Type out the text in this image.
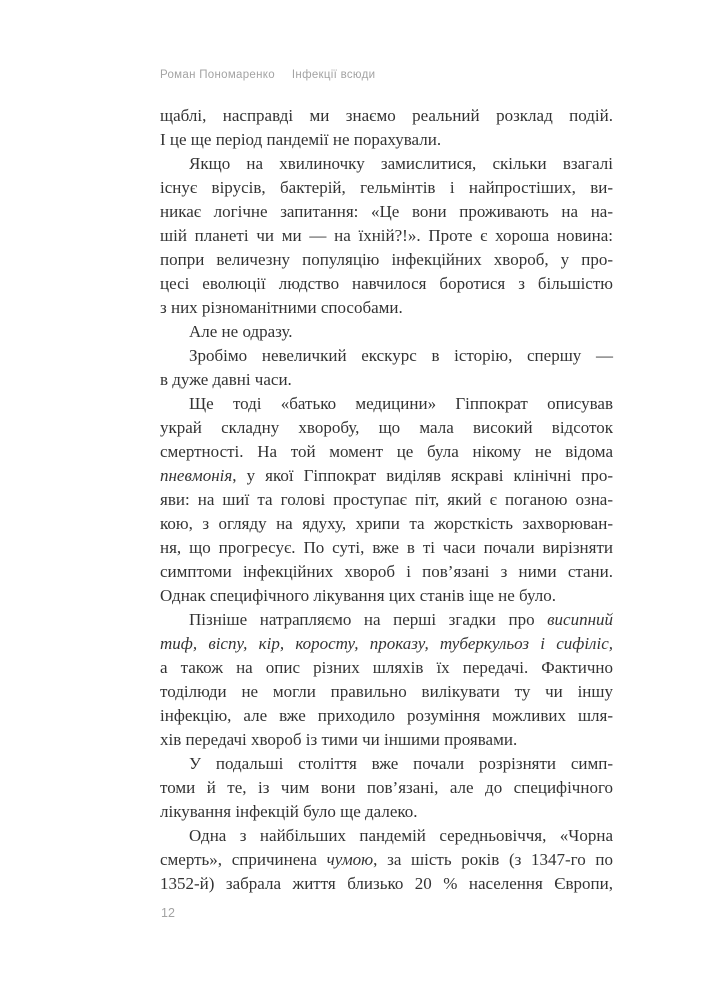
Роман Пономаренко Інфекції всюди
щаблі, насправді ми знаємо реальний розклад подій.
І це ще період пандемії не порахували.
Якщо на хвилиночку замислитися, скільки взагалі
існує вірусів, бактерій, гельмінтів і найпростіших, ви-
никає логічне запитання: «Це вони проживають на на-
шій планеті чи ми — на їхній?!». Проте є хороша новина:
попри величезну популяцію інфекційних хвороб, у про-
цесі еволюції людство навчилося боротися з більшістю
з них різноманітними способами.
Але не одразу.
Зробімо невеличкий екскурс в історію, спершу —
в дуже давні часи.
Ще тоді «батько медицини» Гіппократ описував
украй складну хворобу, що мала високий відсоток
смертності. На той момент це була нікому не відома
пневмонія, у якої Гіппократ виділяв яскраві клінічні про-
яви: на шиї та голові проступає піт, який є поганою озна-
кою, з огляду на ядуху, хрипи та жорсткість захворюван-
ня, що прогресує. По суті, вже в ті часи почали вирізняти
симптоми інфекційних хвороб і пов’язані з ними стани.
Однак специфічного лікування цих станів іще не було.
Пізніше натрапляємо на перші згадки про висипний
тиф, віспу, кір, коросту, проказу, туберкульоз і сифіліс,
а також на опис різних шляхів їх передачі. Фактично
тоділюди не могли правильно вилікувати ту чи іншу
інфекцію, але вже приходило розуміння можливих шля-
хів передачі хвороб із тими чи іншими проявами.
У подальші століття вже почали розрізняти симп-
томи й те, із чим вони пов’язані, але до специфічного
лікування інфекцій було ще далеко.
Одна з найбільших пандемій середньовіччя, «Чорна
смерть», спричинена чумою, за шість років (з 1347-го по
1352-й) забрала життя близько 20 % населення Європи,
12
